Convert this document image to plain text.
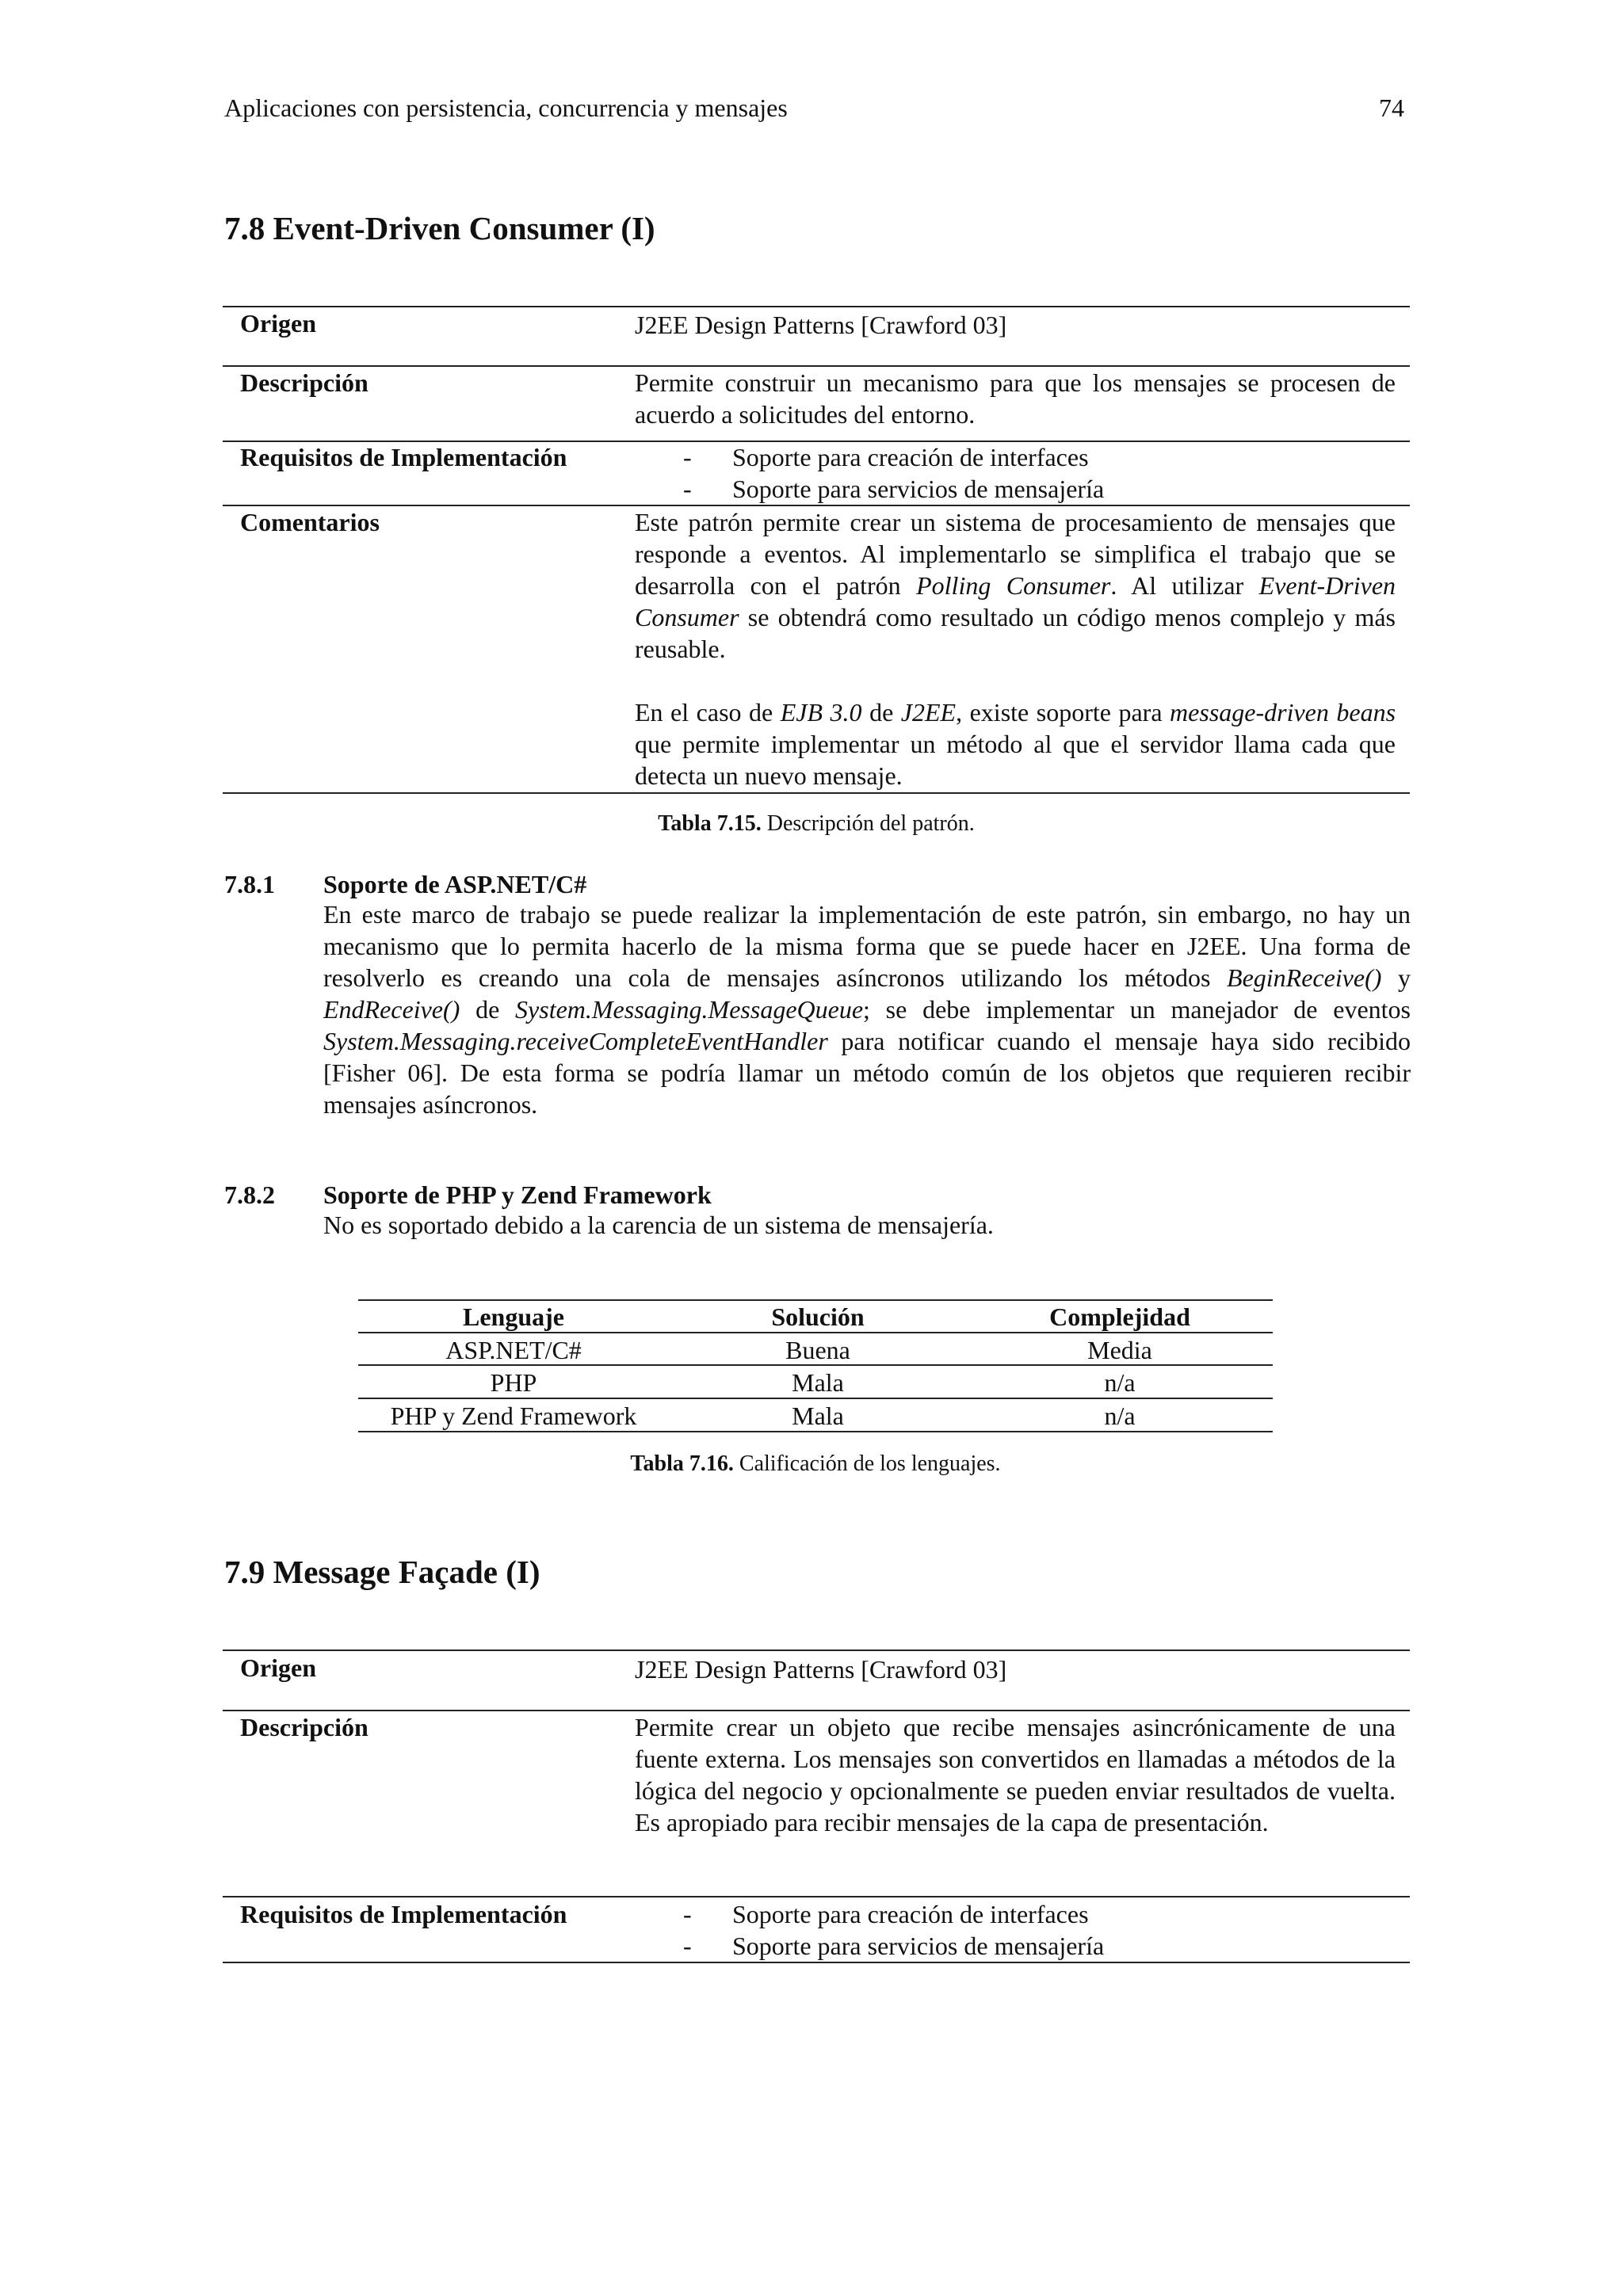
Aplicaciones con persistencia, concurrencia y mensajes	74
7.8 Event-Driven Consumer (I)
Origen	J2EE Design Patterns [Crawford 03]
Descripción	Permite construir un mecanismo para que los mensajes se procesen de acuerdo a solicitudes del entorno.
Requisitos de Implementación	- Soporte para creación de interfaces
- Soporte para servicios de mensajería
Comentarios	Este patrón permite crear un sistema de procesamiento de mensajes que responde a eventos. Al implementarlo se simplifica el trabajo que se desarrolla con el patrón Polling Consumer. Al utilizar Event-Driven Consumer se obtendrá como resultado un código menos complejo y más reusable.

En el caso de EJB 3.0 de J2EE, existe soporte para message-driven beans que permite implementar un método al que el servidor llama cada que detecta un nuevo mensaje.

Tabla 7.15. Descripción del patrón.
7.8.1 Soporte de ASP.NET/C#
En este marco de trabajo se puede realizar la implementación de este patrón, sin embargo, no hay un mecanismo que lo permita hacerlo de la misma forma que se puede hacer en J2EE. Una forma de resolverlo es creando una cola de mensajes asíncronos utilizando los métodos BeginReceive() y EndReceive() de System.Messaging.MessageQueue; se debe implementar un manejador de eventos System.Messaging.receiveCompleteEventHandler para notificar cuando el mensaje haya sido recibido [Fisher 06]. De esta forma se podría llamar un método común de los objetos que requieren recibir mensajes asíncronos.
7.8.2 Soporte de PHP y Zend Framework
No es soportado debido a la carencia de un sistema de mensajería.
Lenguaje	Solución	Complejidad
ASP.NET/C#	Buena	Media
PHP	Mala	n/a
PHP y Zend Framework	Mala	n/a
Tabla 7.16. Calificación de los lenguajes.
7.9 Message Façade (I)
Origen	J2EE Design Patterns [Crawford 03]
Descripción	Permite crear un objeto que recibe mensajes asincrónicamente de una fuente externa. Los mensajes son convertidos en llamadas a métodos de la lógica del negocio y opcionalmente se pueden enviar resultados de vuelta. Es apropiado para recibir mensajes de la capa de presentación.
Requisitos de Implementación	- Soporte para creación de interfaces
- Soporte para servicios de mensajería
